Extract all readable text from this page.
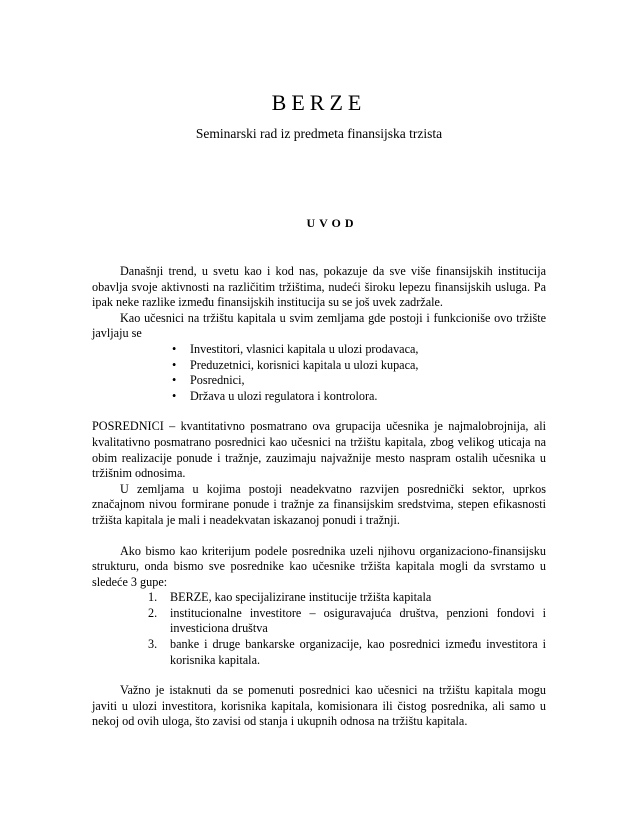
BERZE
Seminarski rad iz predmeta finansijska trzista
UVOD

Današnji trend, u svetu kao i kod nas, pokazuje da sve više finansijskih institucija obavlja svoje aktivnosti na različitim tržištima, nudeći široku lepezu finansijskih usluga. Pa ipak neke razlike između finansijskih institucija su se još uvek zadržale.

Kao učesnici na tržištu kapitala u svim zemljama gde postoji i funkcioniše ovo tržište javljaju se

• Investitori, vlasnici kapitala u ulozi prodavaca,
• Preduzetnici, korisnici kapitala u ulozi kupaca,
• Posrednici,
• Država u ulozi regulatora i kontrolora.

POSREDNICI – kvantitativno posmatrano ova grupacija učesnika je najmalobrojnija, ali kvalitativno posmatrano posrednici kao učesnici na tržištu kapitala, zbog velikog uticaja na obim realizacije ponude i tražnje, zauzimaju najvažnije mesto naspram ostalih učesnika u tržišnim odnosima.

U zemljama u kojima postoji neadekvatno razvijen posrednički sektor, uprkos značajnom nivou formirane ponude i tražnje za finansijskim sredstvima, stepen efikasnosti tržišta kapitala je mali i neadekvatan iskazanoj ponudi i tražnji.

Ako bismo kao kriterijum podele posrednika uzeli njihovu organizaciono-finansijsku strukturu, onda bismo sve posrednike kao učesnike tržišta kapitala mogli da svrstamo u sledeće 3 gupe:

1. BERZE, kao specijalizirane institucije tržišta kapitala
2. institucionalne investitore – osiguravajuća društva, penzioni fondovi i investiciona društva
3. banke i druge bankarske organizacije, kao posrednici između investitora i korisnika kapitala.

Važno je istaknuti da se pomenuti posrednici kao učesnici na tržištu kapitala mogu javiti u ulozi investitora, korisnika kapitala, komisionara ili čistog posrednika, ali samo u nekoj od ovih uloga, što zavisi od stanja i ukupnih odnosa na tržištu kapitala.
